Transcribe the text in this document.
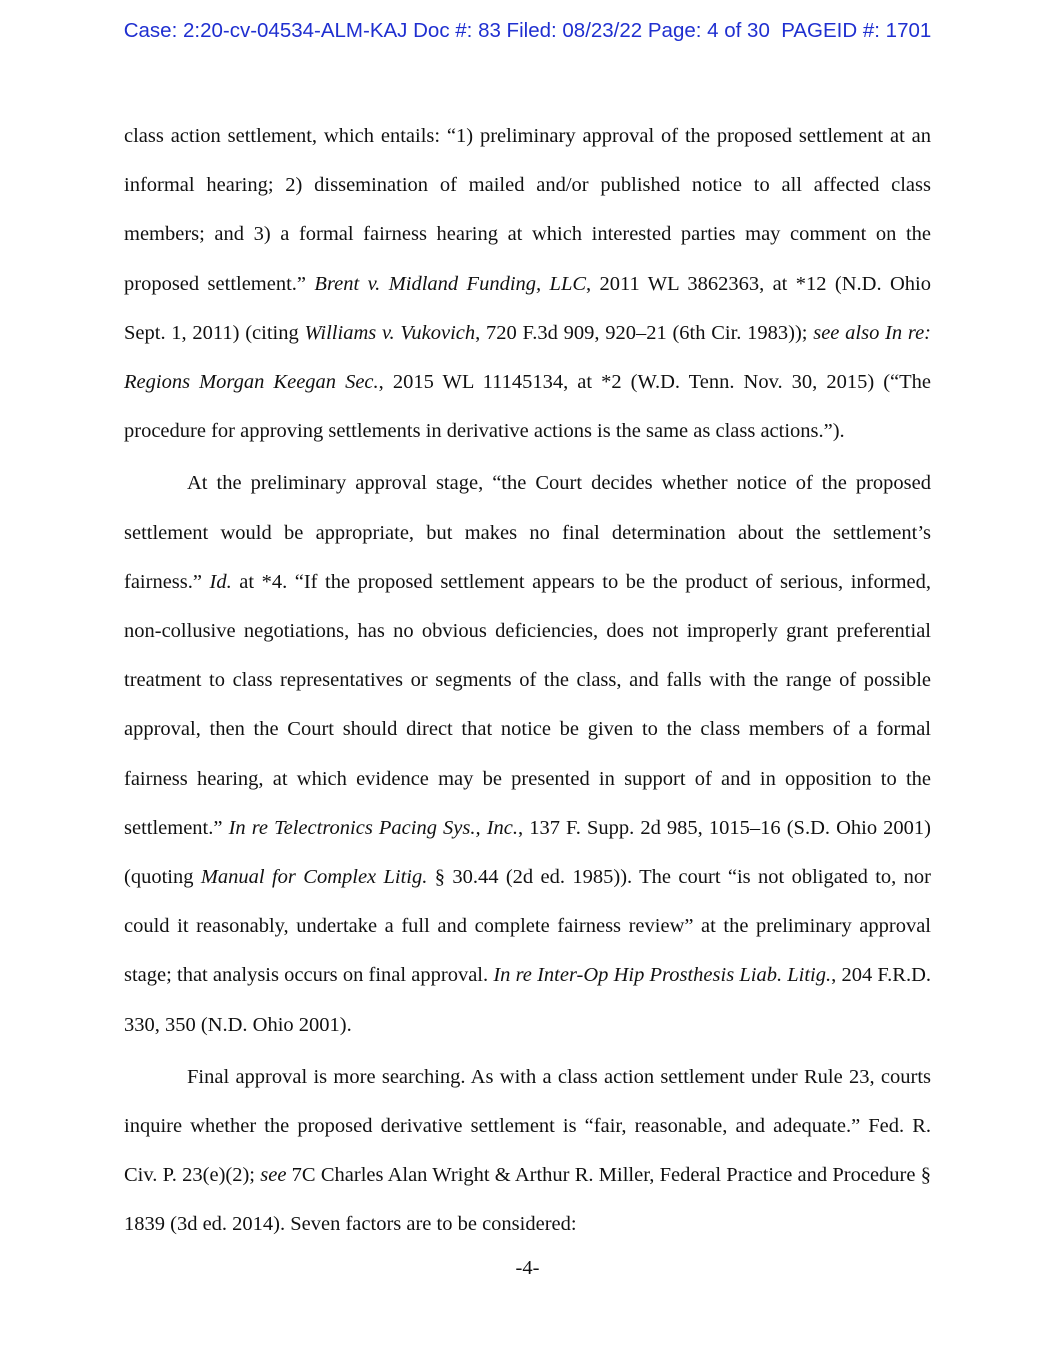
Case: 2:20-cv-04534-ALM-KAJ Doc #: 83 Filed: 08/23/22 Page: 4 of 30  PAGEID #: 1701

class action settlement, which entails: “1) preliminary approval of the proposed settlement at an informal hearing; 2) dissemination of mailed and/or published notice to all affected class members; and 3) a formal fairness hearing at which interested parties may comment on the proposed settlement.” Brent v. Midland Funding, LLC, 2011 WL 3862363, at *12 (N.D. Ohio Sept. 1, 2011) (citing Williams v. Vukovich, 720 F.3d 909, 920–21 (6th Cir. 1983)); see also In re: Regions Morgan Keegan Sec., 2015 WL 11145134, at *2 (W.D. Tenn. Nov. 30, 2015) (“The procedure for approving settlements in derivative actions is the same as class actions.”).

At the preliminary approval stage, “the Court decides whether notice of the proposed settlement would be appropriate, but makes no final determination about the settlement’s fairness.” Id. at *4. “If the proposed settlement appears to be the product of serious, informed, non-collusive negotiations, has no obvious deficiencies, does not improperly grant preferential treatment to class representatives or segments of the class, and falls with the range of possible approval, then the Court should direct that notice be given to the class members of a formal fairness hearing, at which evidence may be presented in support of and in opposition to the settlement.” In re Telectronics Pacing Sys., Inc., 137 F. Supp. 2d 985, 1015–16 (S.D. Ohio 2001) (quoting Manual for Complex Litig. § 30.44 (2d ed. 1985)). The court “is not obligated to, nor could it reasonably, undertake a full and complete fairness review” at the preliminary approval stage; that analysis occurs on final approval. In re Inter-Op Hip Prosthesis Liab. Litig., 204 F.R.D. 330, 350 (N.D. Ohio 2001).

Final approval is more searching. As with a class action settlement under Rule 23, courts inquire whether the proposed derivative settlement is “fair, reasonable, and adequate.” Fed. R. Civ. P. 23(e)(2); see 7C Charles Alan Wright & Arthur R. Miller, Federal Practice and Procedure § 1839 (3d ed. 2014). Seven factors are to be considered:

-4-
